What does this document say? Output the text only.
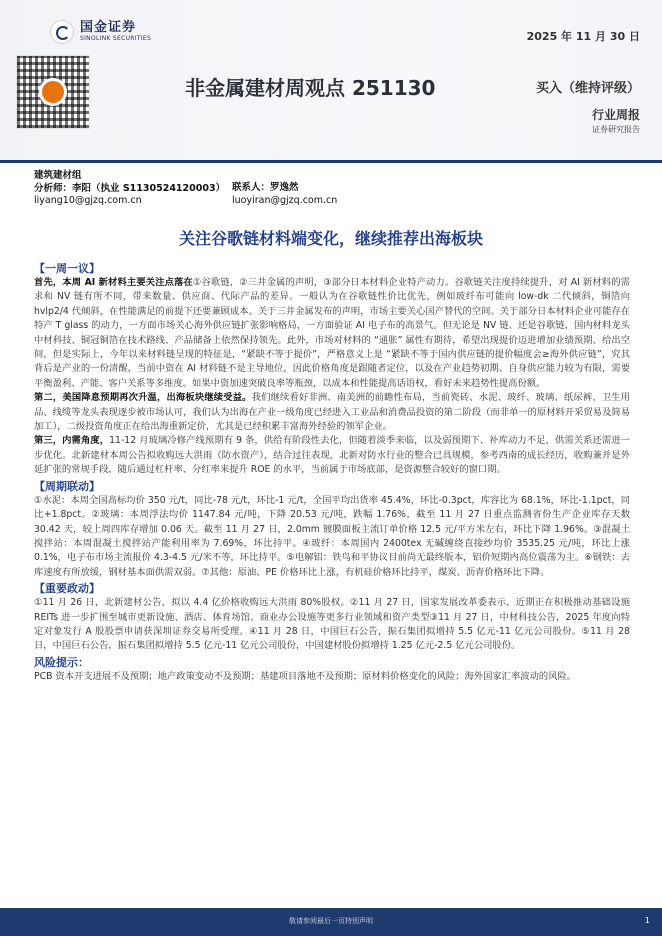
国金证券
SINOLINK SECURITIES	2025 年 11 月 30 日
非金属建材周观点 251130	买入（维持评级）
行业周报
证券研究报告
建筑建材组
分析师：李阳（执业 S1130524120003）
liyang10@gjzq.com.cn
联系人：罗逸然
luoyiran@gjzq.com.cn
关注谷歌链材料端变化，继续推荐出海板块
【一周一议】

首先，本周 AI 新材料主要关注点落在①谷歌链，②三井金属的声明，③部分日本材料企业特产动力。谷歌链关注度持续提升，对 AI 新材料的需求和 NV 链有所不同，带来数量、供应商、代际产品的差异。一般认为在谷歌链性价比优先，例如玻纤布可能向 low-dk 二代倾斜，铜箔向 hvlp2/4 代倾斜，在性能满足的前提下还要兼顾成本。关于三井金属发布的声明，市场主要关心国产替代的空间。关于部分日本材料企业可能存在特产 T glass 的动力，一方面市场关心海外供应链扩张影响格局，一方面验证 AI 电子布的高景气。但无论是 NV 链、还是谷歌链，国内材料龙头中材科技、铜冠铜箔在技术路线、产品储备上依然保持领先。此外，市场对材料的 “通胀” 属性有期待，希望出现提价迈进增加业绩预期、给出空间，但是实际上，今年以来材料链呈现的特征是，“紧缺不等于提价”，严格意义上是 “紧缺不等于国内供应链的提价幅度会≥海外供应链”，究其背后是产业的一份清醒，当前中资在 AI 材料链不是主导地位，因此价格角度是跟随者定位，以及在产业趋势初期、自身供应能力较为有限，需要平衡盈利、产能、客户关系等多维度。如果中资加速突破良率等瓶颈，以成本和性能提高话语权，看好未来趋势性提高份额。

第二，美国降息预期再次升温，出海板块继续受益。我们继续看好非洲、南美洲的前瞻性布局，当前瓷砖、水泥、玻纤、玻璃、纸尿裤、卫生用品、线缆等龙头表现逐步被市场认可，我们认为出海在产业一级角度已经进入工业品和消费品投资的第二阶段（而非单一的原材料开采贸易及简易加工），二级投资角度正在给出海重新定价，尤其是已经积累丰富海外经验的领军企业。

第三，内需角度，11-12 月玻璃冷修产线预期有 9 条，供给有阶段性去化，但随着淡季来临，以及弱预期下、补库动力不足，供需关系还需进一步优化。北新建材本周公告拟收购远大洪雨（防水资产），结合过往表现，北新对防水行业的整合已具规模，参考西南的成长经历，收购兼并是外延扩张的常规手段，随后通过杠杆率、分红率来提升 ROE 的水平，当前属于市场底部，是资源整合较好的窗口期。

【周期联动】

①水泥：本周全国高标均价 350 元/t，同比-78 元/t，环比-1 元/t，全国平均出货率 45.4%，环比-0.3pct，库容比为 68.1%，环比-1.1pct，同比+1.8pct。②玻璃：本周浮法均价 1147.84 元/吨，下降 20.53 元/吨，跌幅 1.76%，截至 11 月 27 日重点监测省份生产企业库存天数 30.42 天，较上周四库存增加 0.06 天。截至 11 月 27 日，2.0mm 镀膜面板主流订单价格 12.5 元/平方米左右，环比下降 1.96%。③混凝土搅拌站：本周混凝土搅拌站产能利用率为 7.69%，环比持平。④玻纤：本周国内 2400tex 无碱缠绕直接纱均价 3535.25 元/吨，环比上涨 0.1%，电子布市场主流报价 4.3-4.5 元/米不等，环比持平。⑤电解铝：铁鸟和平协议目前尚无最终版本，铝价短期内高位震荡为主。⑥钢铁：去库速度有所放缓，钢材基本面供需双弱。⑦其他：原油、PE 价格环比上涨，有机硅价格环比持平，煤炭、沥青价格环比下降。

【重要政动】

①11 月 26 日，北新建材公告，拟以 4.4 亿价格收购远大洪雨 80%股权。②11 月 27 日，国家发展改革委表示，近期正在积极推动基础设施 REITs 进一步扩围至城市更新设施、酒店、体育场馆、商业办公设施等更多行业领域和资产类型③11 月 27 日，中材科技公告，2025 年度向特定对象发行 A 股股票申请获深圳证券交易所受理。④11 月 28 日，中国巨石公告，振石集团拟增持 5.5 亿元-11 亿元公司股份。⑤11 月 28 日，中国巨石公告，振石集团拟增持 5.5 亿元-11 亿元公司股份，中国建材股份拟增持 1.25 亿元-2.5 亿元公司股份。

风险提示：

PCB 资本开支进展不及预期；地产政策变动不及预期；基建项目落地不及预期；原材料价格变化的风险；海外国家汇率波动的风险。

敬请参阅最后一页特别声明	1
